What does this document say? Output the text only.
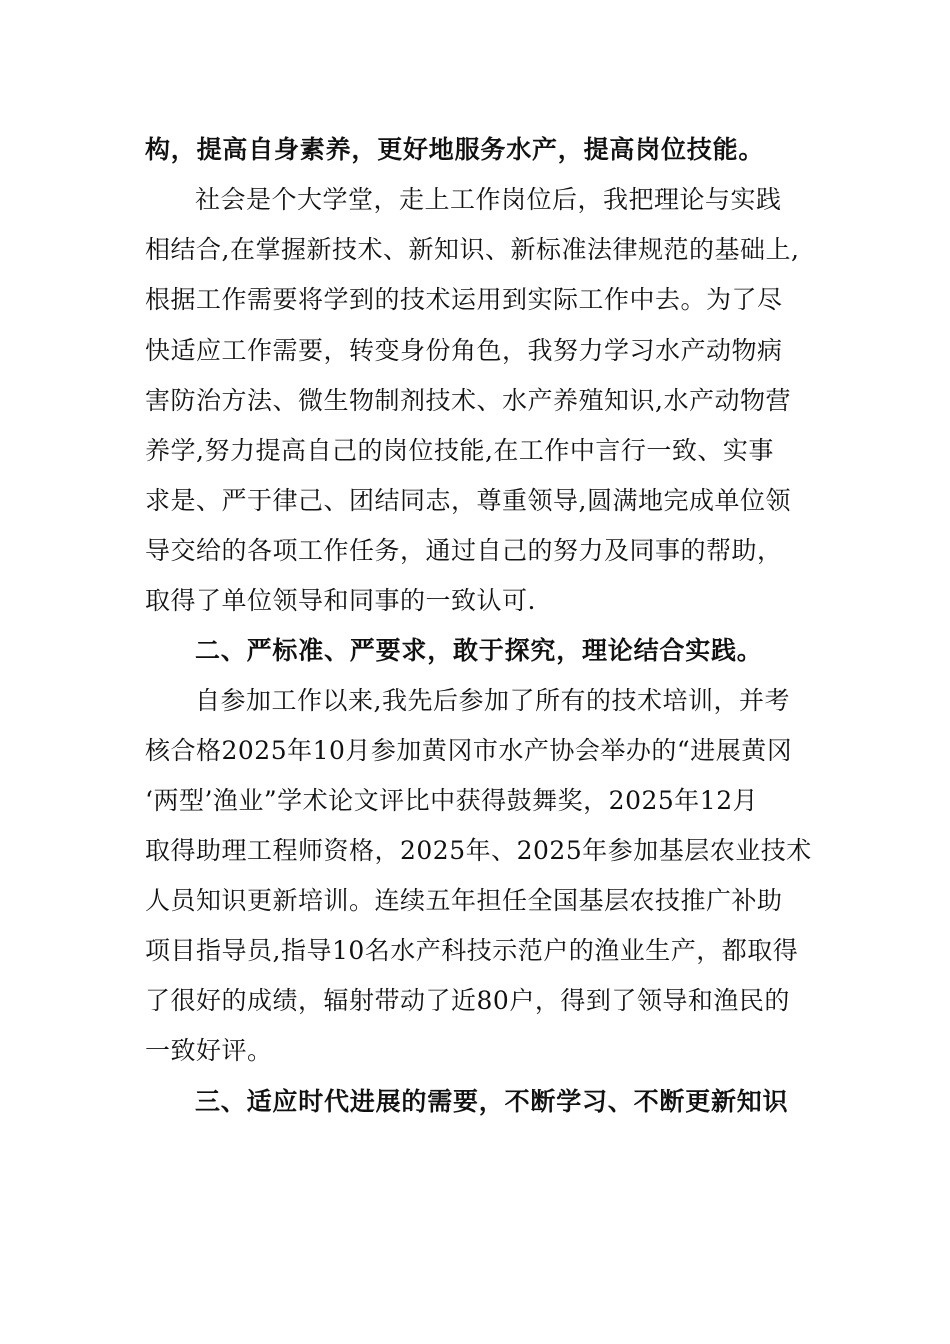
构，提高自身素养，更好地服务水产，提高岗位技能。
社会是个大学堂，走上工作岗位后，我把理论与实践
相结合,在掌握新技术、新知识、新标准法律规范的基础上,
根据工作需要将学到的技术运用到实际工作中去。为了尽
快适应工作需要，转变身份角色，我努力学习水产动物病
害防治方法、微生物制剂技术、水产养殖知识,水产动物营
养学,努力提高自己的岗位技能,在工作中言行一致、实事
求是、严于律己、团结同志，尊重领导,圆满地完成单位领
导交给的各项工作任务，通过自己的努力及同事的帮助，
取得了单位领导和同事的一致认可.
二、严标准、严要求，敢于探究，理论结合实践。
自参加工作以来,我先后参加了所有的技术培训，并考
核合格2025年10月参加黄冈市水产协会举办的“进展黄冈
‘两型’渔业”学术论文评比中获得鼓舞奖，2025年12月
取得助理工程师资格，2025年、2025年参加基层农业技术
人员知识更新培训。连续五年担任全国基层农技推广补助
项目指导员,指导10名水产科技示范户的渔业生产，都取得
了很好的成绩，辐射带动了近80户，得到了领导和渔民的
一致好评。
三、适应时代进展的需要，不断学习、不断更新知识
